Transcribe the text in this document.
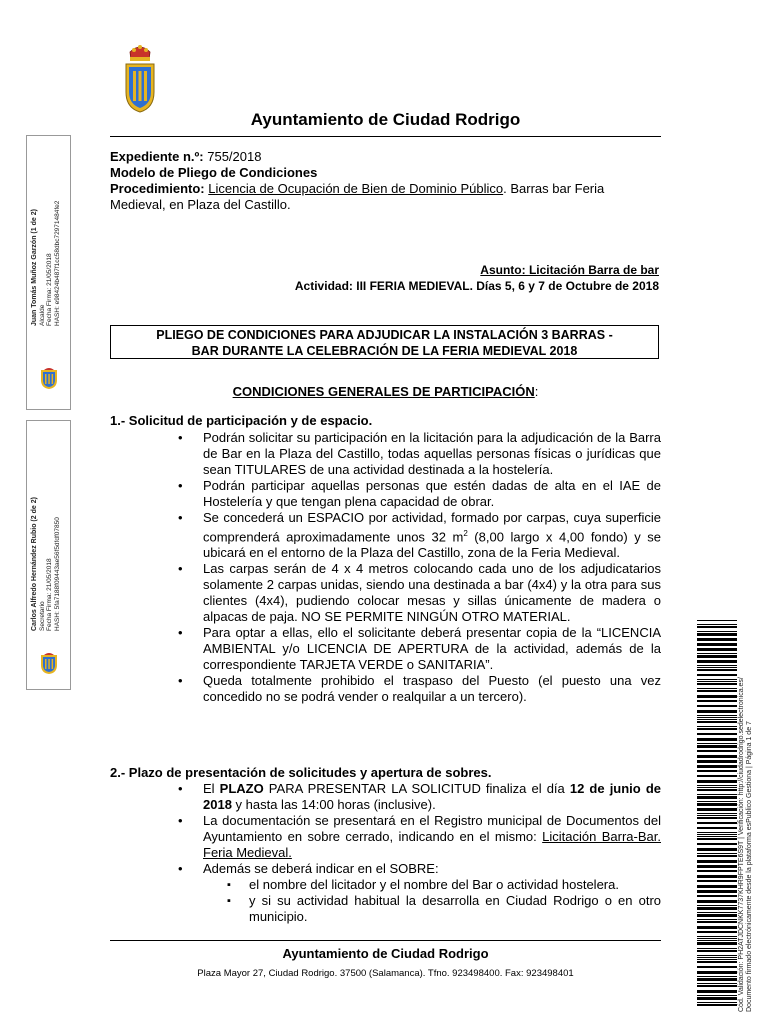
Ayuntamiento de Ciudad Rodrigo
Expediente n.º: 755/2018
Modelo de Pliego de Condiciones
Procedimiento: Licencia de Ocupación de Bien de Dominio Público. Barras bar Feria Medieval, en Plaza del Castillo.
Asunto: Licitación Barra de bar
Actividad: III FERIA MEDIEVAL. Días 5, 6 y 7 de Octubre de 2018
PLIEGO DE CONDICIONES PARA ADJUDICAR LA INSTALACIÓN 3 BARRAS -
BAR DURANTE LA CELEBRACIÓN DE LA FERIA MEDIEVAL 2018
CONDICIONES GENERALES DE PARTICIPACIÓN:
1.- Solicitud de participación y de espacio.
• Podrán solicitar su participación en la licitación para la adjudicación de la Barra de Bar en la Plaza del Castillo, todas aquellas personas físicas o jurídicas que sean TITULARES de una actividad destinada a la hostelería.
• Podrán participar aquellas personas que estén dadas de alta en el IAE de Hostelería y que tengan plena capacidad de obrar.
• Se concederá un ESPACIO por actividad, formado por carpas, cuya superficie comprenderá aproximadamente unos 32 $m^2$ (8,00 largo x 4,00 fondo) y se ubicará en el entorno de la Plaza del Castillo, zona de la Feria Medieval.
• Las carpas serán de 4 x 4 metros colocando cada uno de los adjudicatarios solamente 2 carpas unidas, siendo una destinada a bar (4x4) y la otra para sus clientes (4x4), pudiendo colocar mesas y sillas únicamente de madera o alpacas de paja. NO SE PERMITE NINGÚN OTRO MATERIAL.
• Para optar a ellas, ello el solicitante deberá presentar copia de la “LICENCIA AMBIENTAL y/o LICENCIA DE APERTURA de la actividad, además de la correspondiente TARJETA VERDE o SANITARIA”.
• Queda totalmente prohibido el traspaso del Puesto (el puesto una vez concedido no se podrá vender o realquilar a un tercero).
2.- Plazo de presentación de solicitudes y apertura de sobres.
• El PLAZO PARA PRESENTAR LA SOLICITUD finaliza el día 12 de junio de 2018 y hasta las 14:00 horas (inclusive).
• La documentación se presentará en el Registro municipal de Documentos del Ayuntamiento en sobre cerrado, indicando en el mismo: Licitación Barra-Bar. Feria Medieval.
• Además se deberá indicar en el SOBRE:
▪ el nombre del licitador y el nombre del Bar o actividad hostelera.
▪ y si su actividad habitual la desarrolla en Ciudad Rodrigo o en otro municipio.
Ayuntamiento de Ciudad Rodrigo
Plaza Mayor 27, Ciudad Rodrigo. 37500 (Salamanca). Tfno. 923498400. Fax: 923498401
Juan Tomás Muñoz Garzón (1 de 2) Alcalde Fecha Firma: 21/05/2018 HASH: e98424b487f1cc58dbc72971484fe2
Carlos Alfredo Hernández Rubio (2 de 2) Secretario Fecha Firma: 21/05/2018 HASH: 5fa7188f09443ae56f5dfdf07850
Cód. Validación: PH2ATJDCNKK7737KHR9FPTE6S9T | Verificación: http://ciudadrodrigo.sedelectronica.es/ Documento firmado electrónicamente desde la plataforma esPublico Gestiona | Página 1 de 7
